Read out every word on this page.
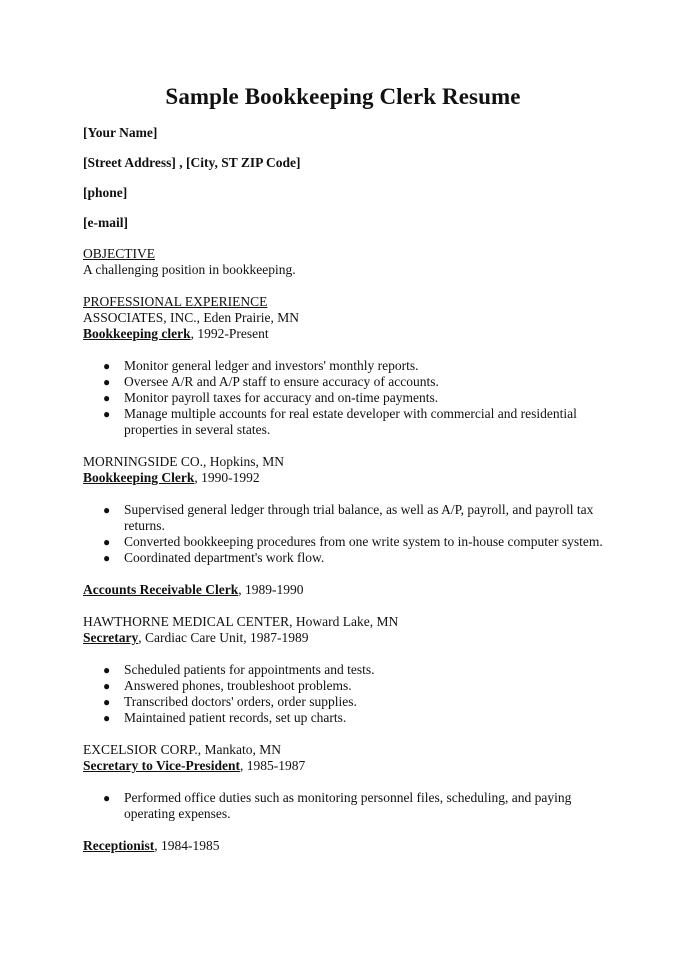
Sample Bookkeeping Clerk Resume
[Your Name]
[Street Address] , [City, ST ZIP Code]
[phone]
[e-mail]
OBJECTIVE
A challenging position in bookkeeping.
PROFESSIONAL EXPERIENCE
ASSOCIATES, INC., Eden Prairie, MN
Bookkeeping clerk, 1992-Present
● Monitor general ledger and investors' monthly reports.
● Oversee A/R and A/P staff to ensure accuracy of accounts.
● Monitor payroll taxes for accuracy and on-time payments.
● Manage multiple accounts for real estate developer with commercial and residential properties in several states.
MORNINGSIDE CO., Hopkins, MN
Bookkeeping Clerk, 1990-1992
● Supervised general ledger through trial balance, as well as A/P, payroll, and payroll tax returns.
● Converted bookkeeping procedures from one write system to in-house computer system.
● Coordinated department's work flow.
Accounts Receivable Clerk, 1989-1990
HAWTHORNE MEDICAL CENTER, Howard Lake, MN
Secretary, Cardiac Care Unit, 1987-1989
● Scheduled patients for appointments and tests.
● Answered phones, troubleshoot problems.
● Transcribed doctors' orders, order supplies.
● Maintained patient records, set up charts.
EXCELSIOR CORP., Mankato, MN
Secretary to Vice-President, 1985-1987
● Performed office duties such as monitoring personnel files, scheduling, and paying operating expenses.
Receptionist, 1984-1985
